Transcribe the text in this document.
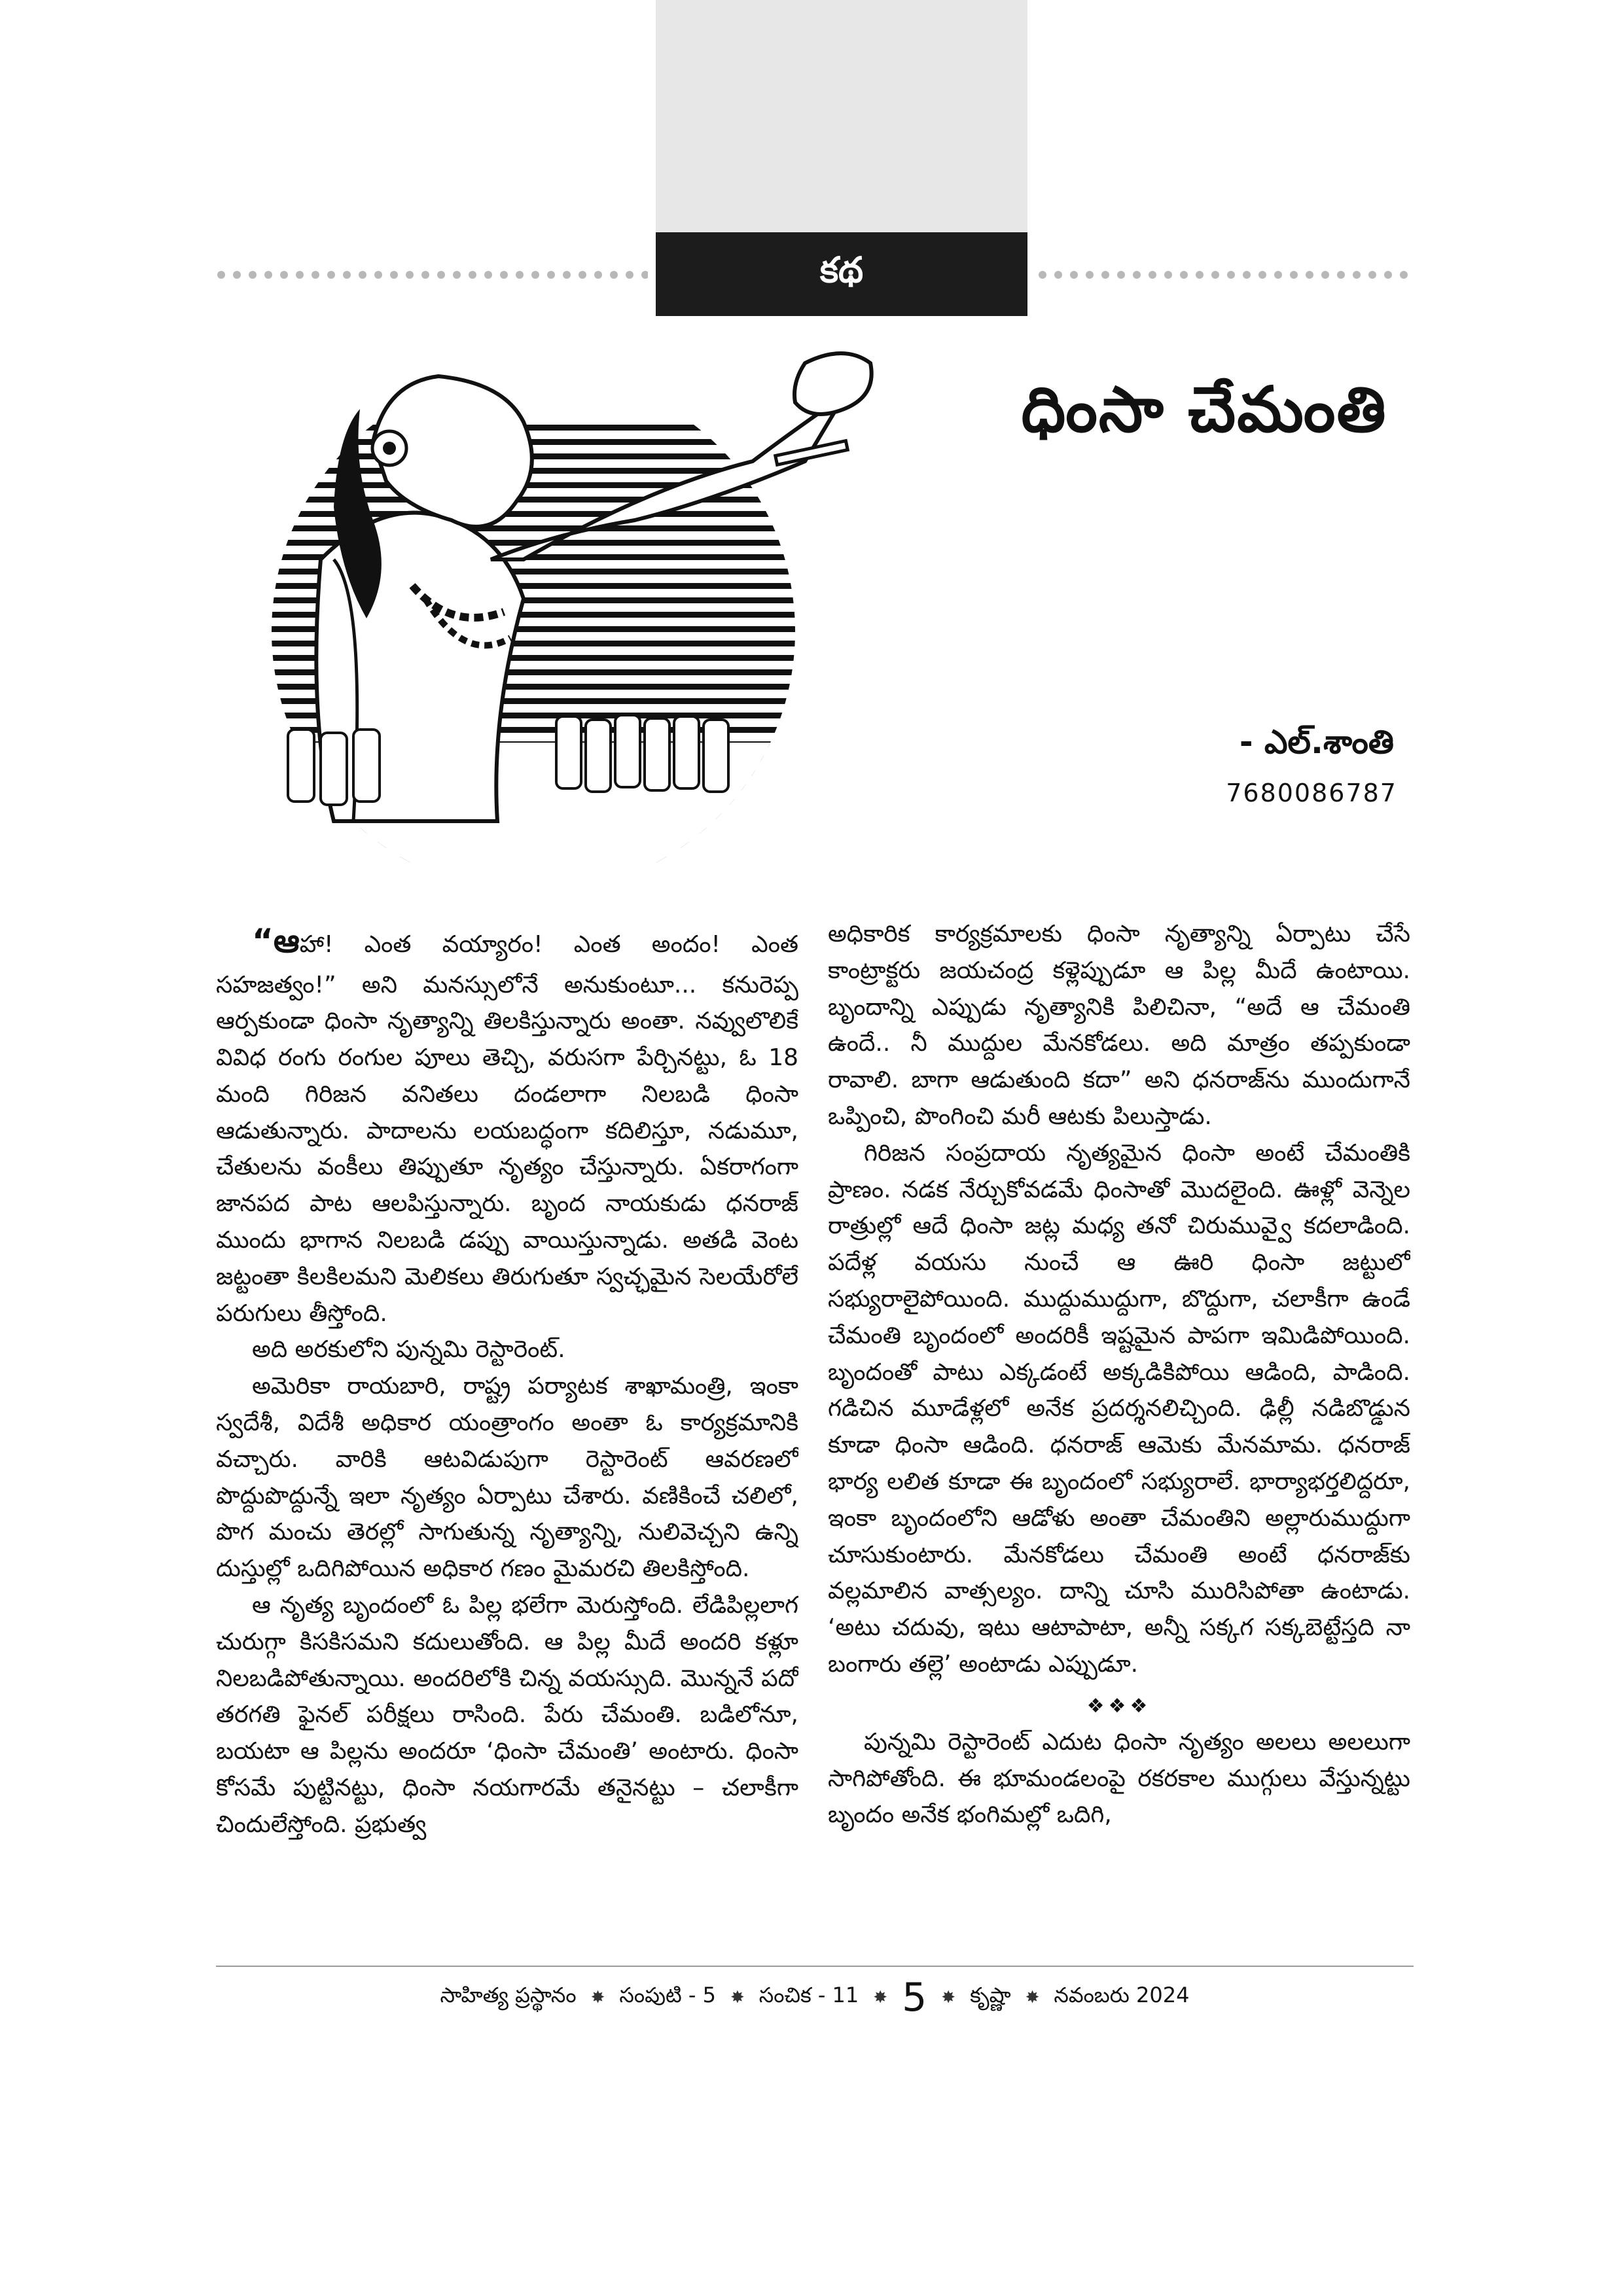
కథ
ధింసా చేమంతి
- ఎల్.శాంతి
7680086787

“ఆహా! ఎంత వయ్యారం! ఎంత అందం! ఎంత సహజత్వం!” అని మనస్సులోనే అనుకుంటూ... కనురెప్ప ఆర్పకుండా ధింసా నృత్యాన్ని తిలకిస్తున్నారు అంతా. నవ్వులొలికే వివిధ రంగు రంగుల పూలు తెచ్చి, వరుసగా పేర్చినట్టు, ఓ 18 మంది గిరిజన వనితలు దండలాగా నిలబడి ధింసా ఆడుతున్నారు. పాదాలను లయబద్ధంగా కదిలిస్తూ, నడుమూ, చేతులను వంకీలు తిప్పుతూ నృత్యం చేస్తున్నారు. ఏకరాగంగా జానపద పాట ఆలపిస్తున్నారు. బృంద నాయకుడు ధనరాజ్ ముందు భాగాన నిలబడి డప్పు వాయిస్తున్నాడు. అతడి వెంట జట్టంతా కిలకిలమని మెలికలు తిరుగుతూ స్వచ్ఛమైన సెలయేరోలే పరుగులు తీస్తోంది.

అది అరకులోని పున్నమి రెస్టారెంట్.

అమెరికా రాయబారి, రాష్ట్ర పర్యాటక శాఖామంత్రి, ఇంకా స్వదేశీ, విదేశీ అధికార యంత్రాంగం అంతా ఓ కార్యక్రమానికి వచ్చారు. వారికి ఆటవిడుపుగా రెస్టారెంట్ ఆవరణలో పొద్దుపొద్దున్నే ఇలా నృత్యం ఏర్పాటు చేశారు. వణికించే చలిలో, పొగ మంచు తెరల్లో సాగుతున్న నృత్యాన్ని, నులివెచ్చని ఉన్ని దుస్తుల్లో ఒదిగిపోయిన అధికార గణం మైమరచి తిలకిస్తోంది.

ఆ నృత్య బృందంలో ఓ పిల్ల భలేగా మెరుస్తోంది. లేడిపిల్లలాగ చురుగ్గా కిసకిసమని కదులుతోంది. ఆ పిల్ల మీదే అందరి కళ్లూ నిలబడిపోతున్నాయి. అందరిలోకి చిన్న వయస్సుది. మొన్ననే పదో తరగతి ఫైనల్ పరీక్షలు రాసింది. పేరు చేమంతి. బడిలోనూ, బయటా ఆ పిల్లను అందరూ ‘ధింసా చేమంతి’ అంటారు. ధింసా కోసమే పుట్టినట్టు, ధింసా నయగారమే తనైనట్టు – చలాకీగా చిందులేస్తోంది. ప్రభుత్వ

అధికారిక కార్యక్రమాలకు ధింసా నృత్యాన్ని ఏర్పాటు చేసే కాంట్రాక్టరు జయచంద్ర కళ్లెప్పుడూ ఆ పిల్ల మీదే ఉంటాయి. బృందాన్ని ఎప్పుడు నృత్యానికి పిలిచినా, “అదే ఆ చేమంతి ఉందే.. నీ ముద్దుల మేనకోడలు. అది మాత్రం తప్పకుండా రావాలి. బాగా ఆడుతుంది కదా” అని ధనరాజ్‌ను ముందుగానే ఒప్పించి, పొంగించి మరీ ఆటకు పిలుస్తాడు.

గిరిజన సంప్రదాయ నృత్యమైన ధింసా అంటే చేమంతికి ప్రాణం. నడక నేర్చుకోవడమే ధింసాతో మొదలైంది. ఊళ్లో వెన్నెల రాత్రుల్లో ఆదే ధింసా జట్ల మధ్య తనో చిరుమువ్వై కదలాడింది. పదేళ్ల వయసు నుంచే ఆ ఊరి ధింసా జట్టులో సభ్యురాలైపోయింది. ముద్దుముద్దుగా, బొద్దుగా, చలాకీగా ఉండే చేమంతి బృందంలో అందరికీ ఇష్టమైన పాపగా ఇమిడిపోయింది. బృందంతో పాటు ఎక్కడంటే అక్కడికిపోయి ఆడింది, పాడింది. గడిచిన మూడేళ్లలో అనేక ప్రదర్శనలిచ్చింది. ఢిల్లీ నడిబొడ్డున కూడా ధింసా ఆడింది. ధనరాజ్ ఆమెకు మేనమామ. ధనరాజ్ భార్య లలిత కూడా ఈ బృందంలో సభ్యురాలే. భార్యాభర్తలిద్దరూ, ఇంకా బృందంలోని ఆడోళు అంతా చేమంతిని అల్లారుముద్దుగా చూసుకుంటారు. మేనకోడలు చేమంతి అంటే ధనరాజ్‌కు వల్లమాలిన వాత్సల్యం. దాన్ని చూసి మురిసిపోతా ఉంటాడు. ‘అటు చదువు, ఇటు ఆటాపాటా, అన్నీ సక్కగ సక్కబెట్టేస్తది నా బంగారు తల్లె’ అంటాడు ఎప్పుడూ.

❖❖❖

పున్నమి రెస్టారెంట్ ఎదుట ధింసా నృత్యం అలలు అలలుగా సాగిపోతోంది. ఈ భూమండలంపై రకరకాల ముగ్గులు వేస్తున్నట్టు బృందం అనేక భంగిమల్లో ఒదిగి,

సాహిత్య ప్రస్థానం ✸ సంపుటి - 5 ✸ సంచిక - 11 ✸ 5 ✸ కృష్ణా ✸ నవంబరు 2024
